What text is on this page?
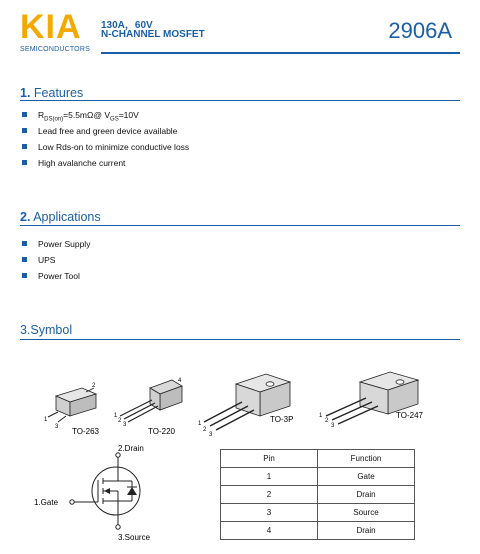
KIA
SEMICONDUCTORS
130A，60V
N-CHANNEL MOSFET	2906A
1. Features
$R_{DS(on)}=5.5m\Omega@$ $V_{GS}=10V$
Lead free and green device available
Low Rds-on to minimize conductive loss
High avalanche current
2. Applications
Power Supply
UPS
Power Tool
3.Symbol
1
2
3 TO-263
1
2
3
4
TO-220
1
2
3
TO-3P	1
2
3
TO-247
2.Drain
1.Gate
3.Source
Pin	Function
1	Gate
2	Drain
3	Source
4	Drain
